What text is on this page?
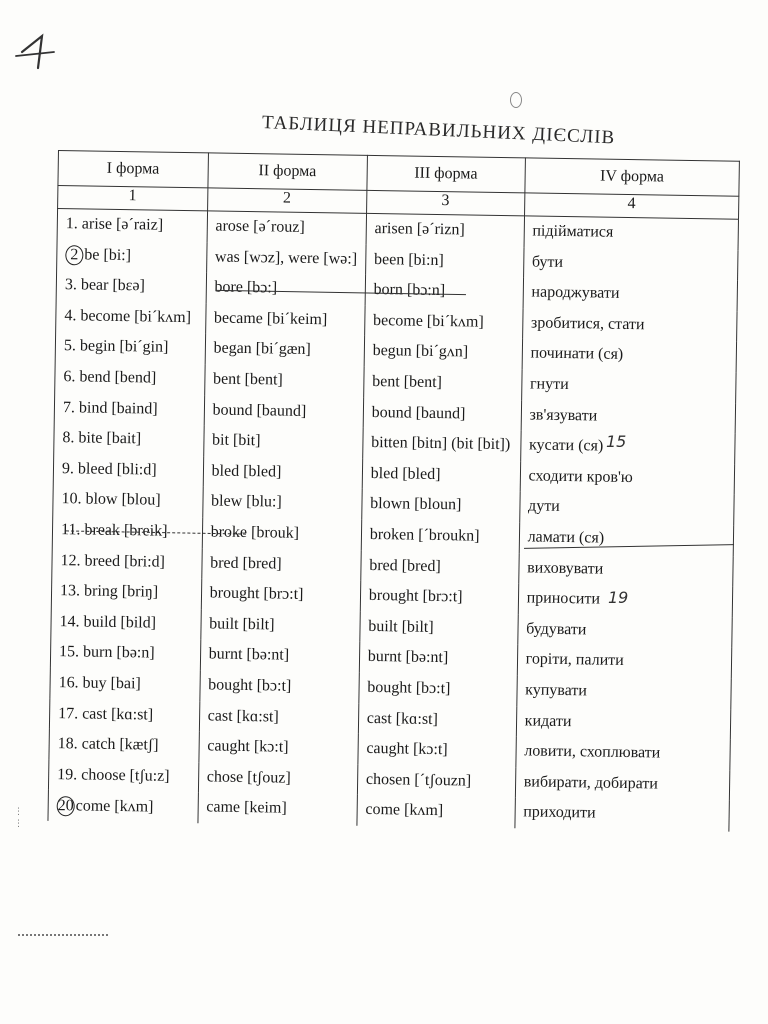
ТАБЛИЦЯ НЕПРАВИЛЬНИХ ДІЄСЛІВ
I форма	II форма	III форма	IV форма
1	2	3	4
1. arise [əˊraiz]	arose [əˊrouz]	arisen [əˊrizn]	підійматися
2 be [bi:]	was [wɔz], were [wə:]	been [bi:n]	бути
3. bear [bɛə]	bore [bɔ:]	born [bɔ:n]	народжувати
4. become [biˊkʌm]	became [biˊkeim]	become [biˊkʌm]	зробитися, стати
5. begin [biˊgin]	began [biˊgæn]	begun [biˊgʌn]	починати (ся)
6. bend [bend]	bent [bent]	bent [bent]	гнути
7. bind [baind]	bound [baund]	bound [baund]	зв'язувати
8. bite [bait]	bit [bit]	bitten [bitn] (bit [bit])	кусати (ся)
9. bleed [bli:d]	bled [bled]	bled [bled]	сходити кров'ю
10. blow [blou]	blew [blu:]	blown [bloun]	дути
11. break [breik]	broke [brouk]	broken [ˊbroukn]	ламати (ся)
12. breed [bri:d]	bred [bred]	bred [bred]	виховувати
13. bring [briŋ]	brought [brɔ:t]	brought [brɔ:t]	приносити
14. build [bild]	built [bilt]	built [bilt]	будувати
15. burn [bə:n]	burnt [bə:nt]	burnt [bə:nt]	горіти, палити
16. buy [bai]	bought [bɔ:t]	bought [bɔ:t]	купувати
17. cast [kɑ:st]	cast [kɑ:st]	cast [kɑ:st]	кидати
18. catch [kætʃ]	caught [kɔ:t]	caught [kɔ:t]	ловити, схоплювати
19. choose [tʃu:z]	chose [tʃouz]	chosen [ˊtʃouzn]	вибирати, добирати
20 come [kʌm]	came [keim]	come [kʌm]	приходити
15
19
⋮
⋮
